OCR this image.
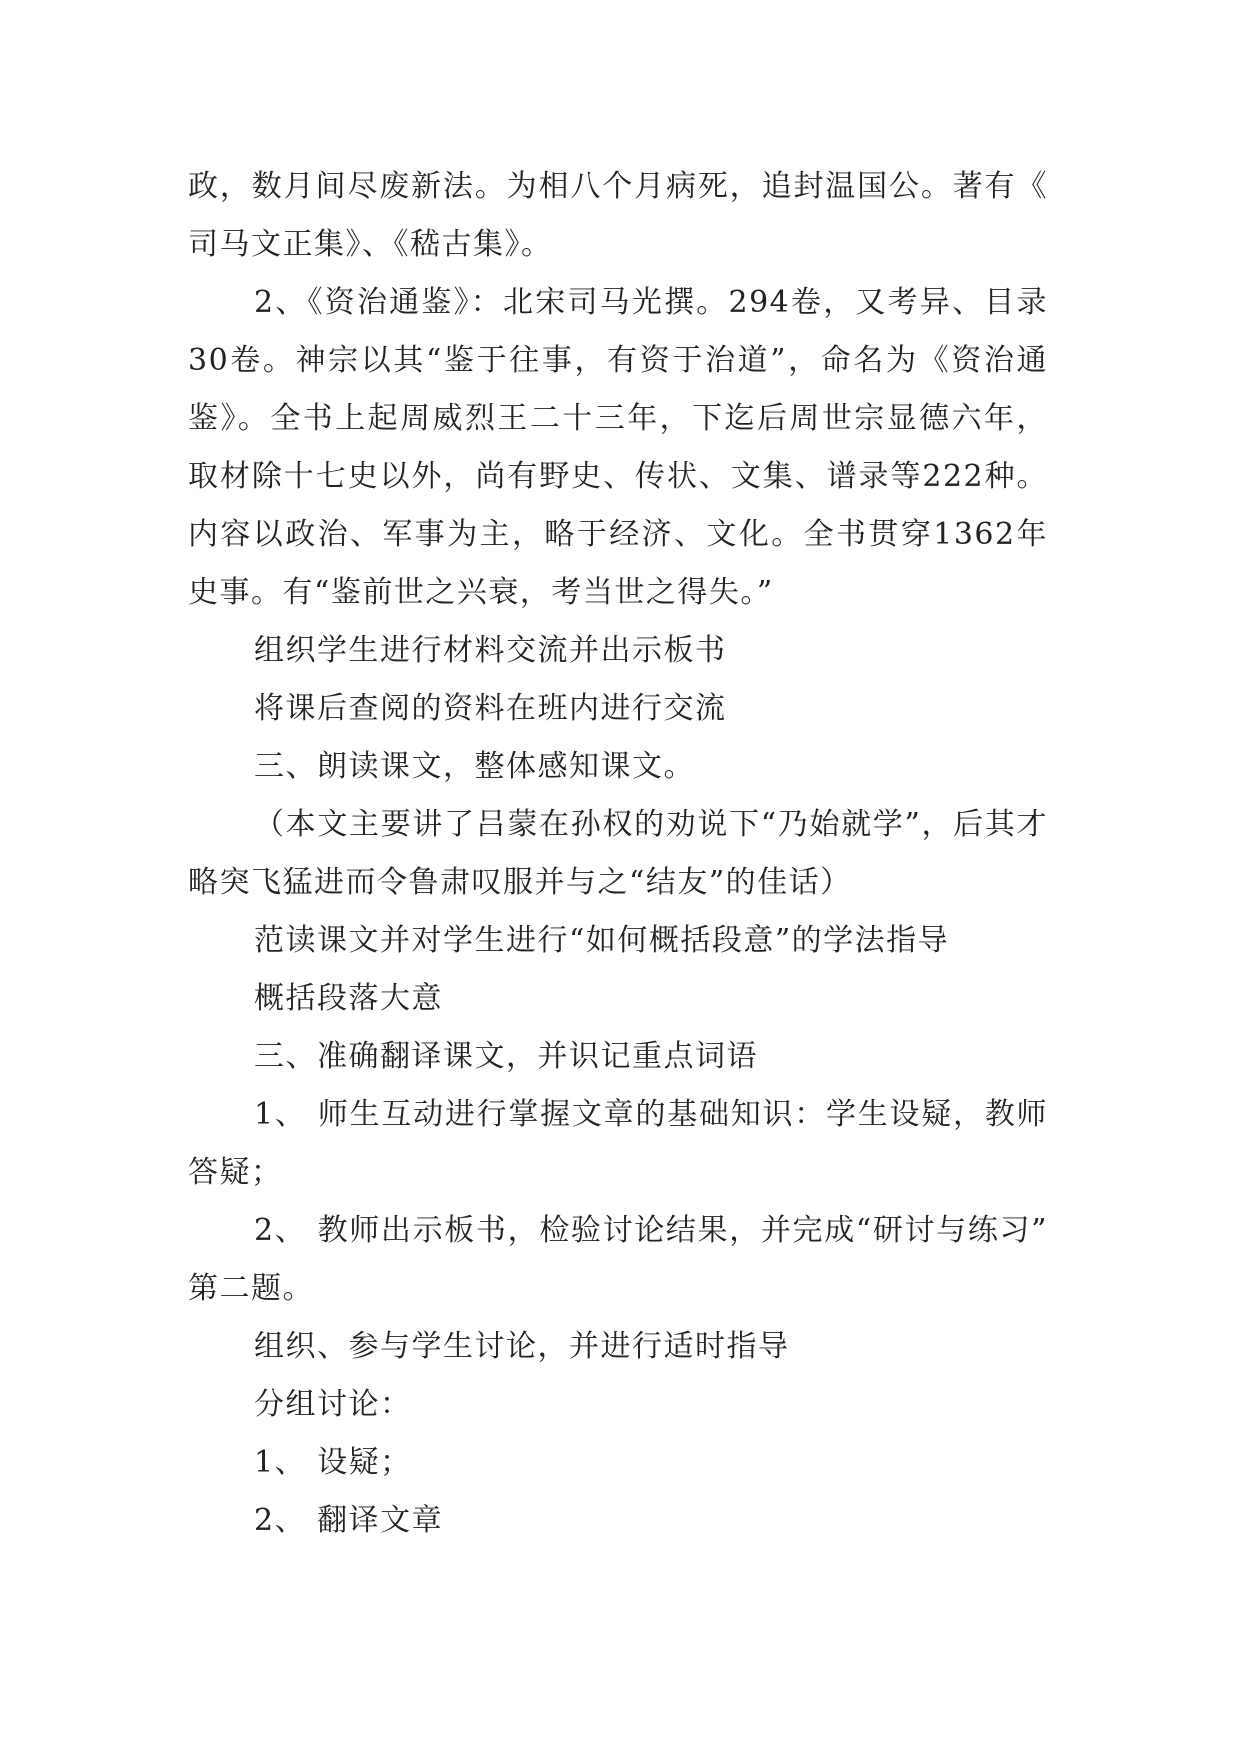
政，数月间尽废新法。为相八个月病死，追封温国公。著有《司马文正集》、《嵇古集》。

2、《资治通鉴》：北宋司马光撰。294卷，又考异、目录30卷。神宗以其“鉴于往事，有资于治道”，命名为《资治通鉴》。全书上起周威烈王二十三年，下迄后周世宗显德六年，取材除十七史以外，尚有野史、传状、文集、谱录等222种。内容以政治、军事为主，略于经济、文化。全书贯穿1362年史事。有“鉴前世之兴衰，考当世之得失。”

组织学生进行材料交流并出示板书

将课后查阅的资料在班内进行交流

三、朗读课文，整体感知课文。

（本文主要讲了吕蒙在孙权的劝说下“乃始就学”，后其才略突飞猛进而令鲁肃叹服并与之“结友”的佳话）

范读课文并对学生进行“如何概括段意”的学法指导

概括段落大意

三、准确翻译课文，并识记重点词语

1、 师生互动进行掌握文章的基础知识：学生设疑，教师答疑；

2、 教师出示板书，检验讨论结果，并完成“研讨与练习”第二题。

组织、参与学生讨论，并进行适时指导

分组讨论：

1、 设疑；

2、 翻译文章
